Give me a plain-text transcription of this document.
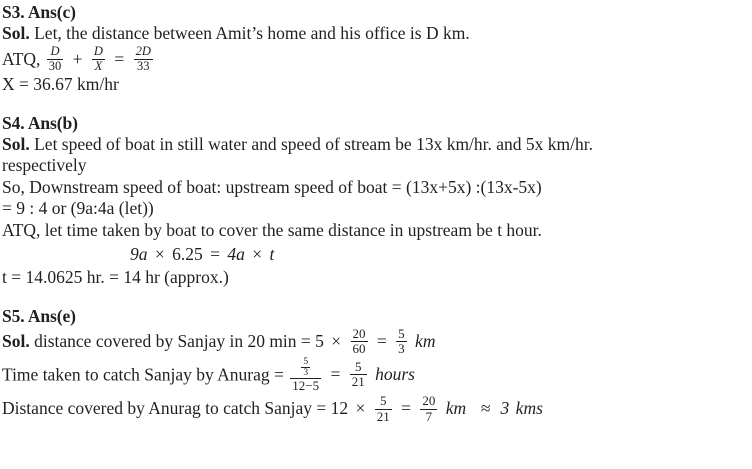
S3. Ans(c)
Sol. Let, the distance between Amit’s home and his office is D km.
ATQ, $\frac{D}{30} + \frac{D}{X} = \frac{2D}{33}$
X = 36.67 km/hr
S4. Ans(b)
Sol. Let speed of boat in still water and speed of stream be 13x km/hr. and 5x km/hr.
respectively
So, Downstream speed of boat: upstream speed of boat = (13x+5x) :(13x-5x)
= 9 : 4 or (9a:4a (let))
ATQ, let time taken by boat to cover the same distance in upstream be t hour.
9a × 6.25 = 4a × t
t = 14.0625 hr. = 14 hr (approx.)
S5. Ans(e)
Sol. distance covered by Sanjay in 20 $\min = 5 \times \frac{20}{60} = \frac{5}{3}$ km
Time taken to catch Sanjay by Anurag = $\frac{\frac{5}{3}}{12-5} = \frac{5}{21}$ hours
Distance covered by Anurag to catch Sanjay = $12 \times \frac{5}{21} = \frac{20}{7}$ km ≈ 3 kms
